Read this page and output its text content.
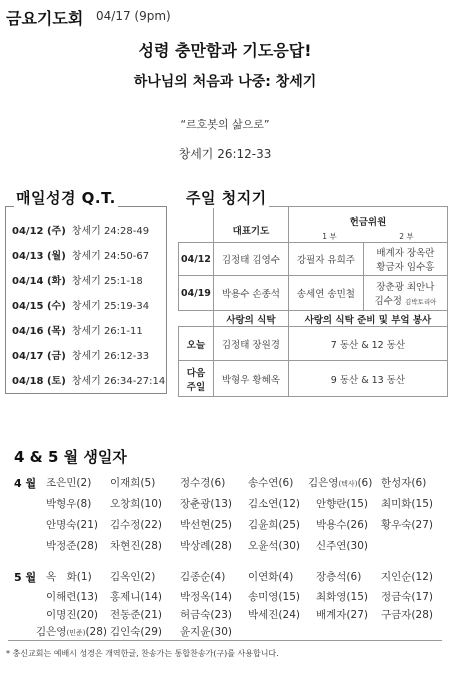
금요기도회 04/17 (9pm)
성령 충만함과 기도응답!
하나님의 처음과 나중: 창세기
“르호봇의 삶으로”
창세기 26:12-33
매일성경 Q.T.
04/12 (주) 창세기 24:28-49
04/13 (월) 창세기 24:50-67
04/14 (화) 창세기 25:1-18
04/15 (수) 창세기 25:19-34
04/16 (목) 창세기 26:1-11
04/17 (금) 창세기 26:12-33
04/18 (토) 창세기 26:34-27:14
주일 청지기
	대표기도	헌금위원
1 부 2 부	

04/12	김정태 김영수	강필자 유희주	배계자 장옥란
황금자 임수홍

04/19	박용수 손종석	송세연 송민철	장춘광 최안나
김수정 김박토리아

	사랑의 식탁	사랑의 식탁 준비 및 부엌 봉사	
오늘	김정태 장원경	7 동산 & 12 동산	

다음
주일	박형우 황혜옥	9 동산 & 13 동산	
4 & 5 월 생일자
4 월 조은민(2) 이재희(5) 정수경(6) 송수연(6) 김은영(텍사)(6) 한성자(6)
박형우(8) 오창희(10) 장춘광(13) 김소연(12) 안향란(15) 최미화(15)
안명숙(21) 김수정(22) 박선현(25) 김윤희(25) 박용수(26) 황우숙(27)
박정준(28) 차현진(28) 박상례(28) 오윤석(30) 신주연(30)
5 월 옥　화(1) 김옥인(2) 김종순(4) 이연화(4) 장층석(6) 지인순(12)
이해련(13) 홍제니(14) 박정옥(14) 송미영(15) 최화영(15) 정금숙(17)
이명진(20) 전동준(21) 허금숙(23) 박세진(24) 배계자(27) 구금자(28)
김은영(민준)(28) 김인숙(29) 윤지윤(30)
* 충신교회는 예배시 성경은 개역한글, 찬송가는 통합찬송가(구)를 사용합니다.
